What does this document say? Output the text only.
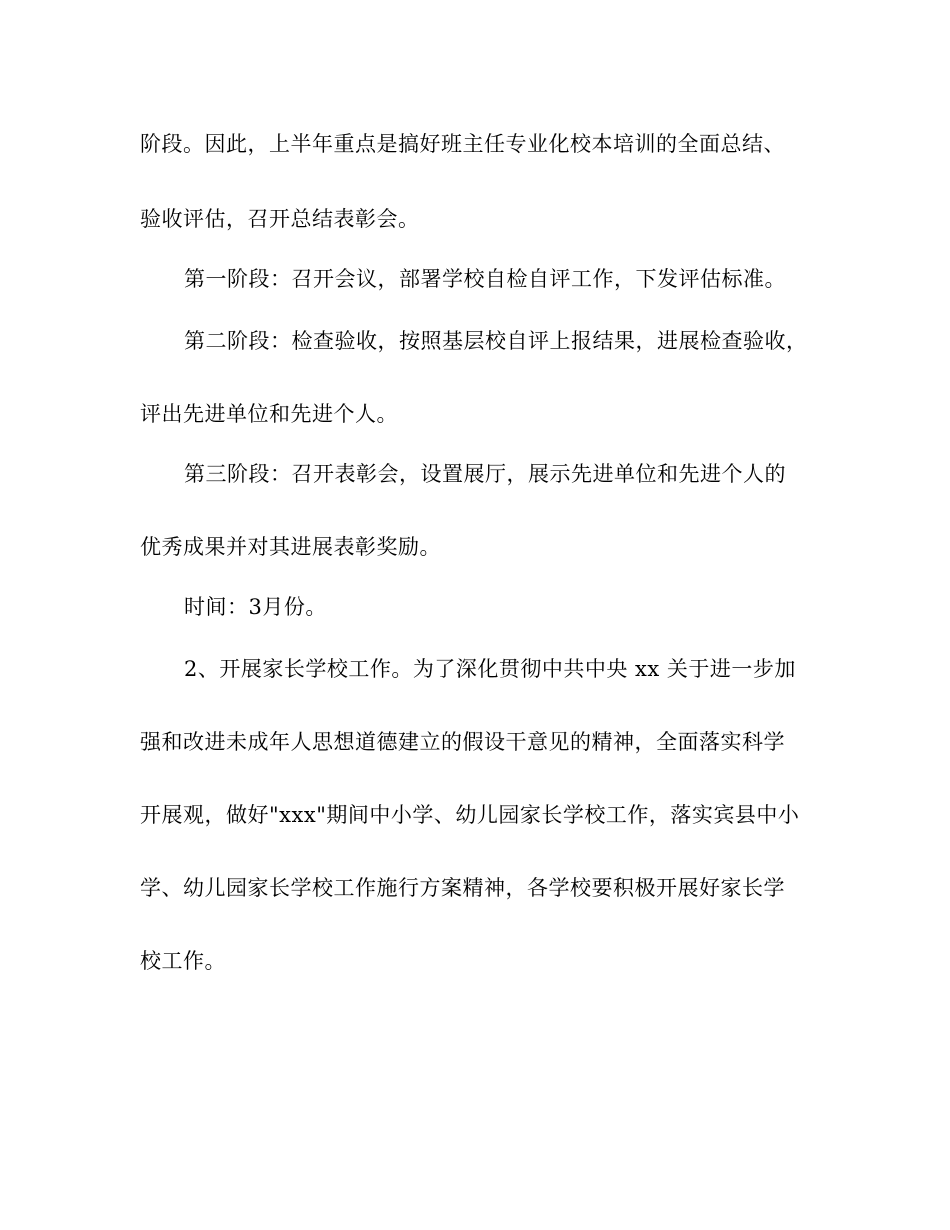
阶段。因此，上半年重点是搞好班主任专业化校本培训的全面总结、
验收评估，召开总结表彰会。
第一阶段：召开会议，部署学校自检自评工作，下发评估标准。
第二阶段：检查验收，按照基层校自评上报结果，进展检查验收，
评出先进单位和先进个人。
第三阶段：召开表彰会，设置展厅，展示先进单位和先进个人的
优秀成果并对其进展表彰奖励。
时间：3月份。
2、开展家长学校工作。为了深化贯彻中共中央 xx 关于进一步加
强和改进未成年人思想道德建立的假设干意见的精神，全面落实科学
开展观，做好"xxx"期间中小学、幼儿园家长学校工作，落实宾县中小
学、幼儿园家长学校工作施行方案精神，各学校要积极开展好家长学
校工作。
